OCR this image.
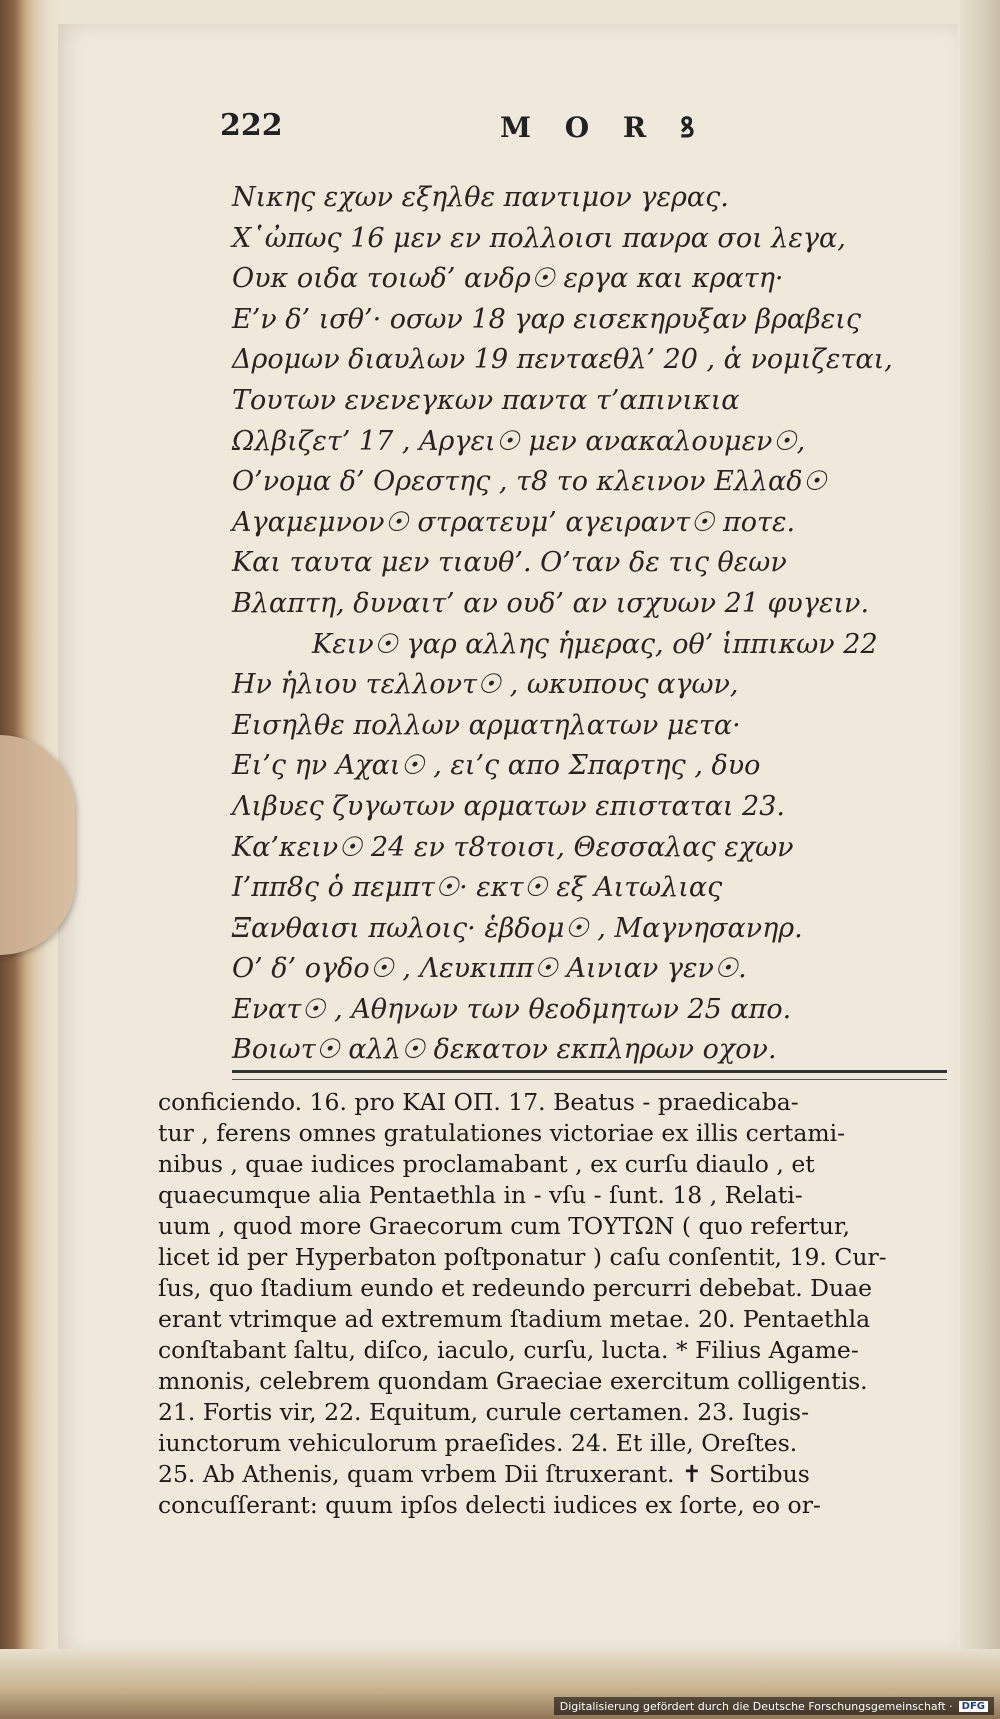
222	M O R ꝸ
Νικης εχων εξηλθε παντιμον γερας.
Χ῾ὠπως 16 μεν εν πολλοισι πανρα σοι λεγα,
Ουκ οιδα τοιωδ’ ανδρ☉ εργα και κρατη·
Ε’ν δ’ ισθ’· οσων 18 γαρ εισεκηρυξαν βραβεις
Δρομων διαυλων 19 πενταεθλ’ 20 , ἁ νομιζεται,
Τουτων ενενεγκων παντα τ’απινικια
Ωλβιζετ’ 17 , Αργει☉ μεν ανακαλουμεν☉,
Ο’νομα δ’ Ορεστης , τ8 το κλεινον Ελλαδ☉
Αγαμεμνον☉ στρατευμ’ αγειραντ☉ ποτε.
Και ταυτα μεν τιαυθ’. Ο’ταν δε τις θεων
Βλαπτη, δυναιτ’ αν ουδ’ αν ισχυων 21 φυγειν.
Κειν☉ γαρ αλλης ἡμερας, οθ’ ἱππικων 22
Ην ἡλιου τελλοντ☉ , ωκυπους αγων,
Εισηλθε πολλων αρματηλατων μετα·
Ει’ς ην Αχαι☉ , ει’ς απο Σπαρτης , δυο
Λιβυες ζυγωτων αρματων επισταται 23.
Κα’κειν☉ 24 εν τ8τοισι, Θεσσαλας εχων
Ι’ππ8ς ὁ πεμπτ☉· εκτ☉ εξ Αιτωλιας
Ξανθαισι πωλοις· ἑβδομ☉ , Μαγνησανηρ.
Ο’ δ’ ογδο☉ , Λευκιππ☉ Αινιαν γεν☉.
Ενατ☉ , Αθηνων των θεοδμητων 25 απο.
Βοιωτ☉ αλλ☉ δεκατον εκπληρων οχον.
conficiendo. 16. pro ΚΑΙ ΟΠ. 17. Beatus - praedicaba-
tur , ferens omnes gratulationes victoriae ex illis certami-
nibus , quae iudices proclamabant , ex curſu diaulo , et
quaecumque alia Pentaethla in - vſu - ſunt. 18 , Relati-
uum , quod more Graecorum cum ΤΟΥΤΩΝ ( quo refertur,
licet id per Hyperbaton poſtponatur ) caſu conſentit, 19. Cur-
ſus, quo ſtadium eundo et redeundo percurri debebat. Duae
erant vtrimque ad extremum ſtadium metae. 20. Pentaethla
conſtabant ſaltu, diſco, iaculo, curſu, lucta. * Filius Agame-
mnonis, celebrem quondam Graeciae exercitum colligentis.
21. Fortis vir, 22. Equitum, curule certamen. 23. Iugis-
iunctorum vehiculorum praeſides. 24. Et ille, Oreſtes.
25. Ab Athenis, quam vrbem Dii ſtruxerant. ✝ Sortibus
concuſſerant: quum ipſos delecti iudices ex ſorte, eo or-
Digitalisierung gefördert durch die Deutsche Forschungsgemeinschaft · DFG
